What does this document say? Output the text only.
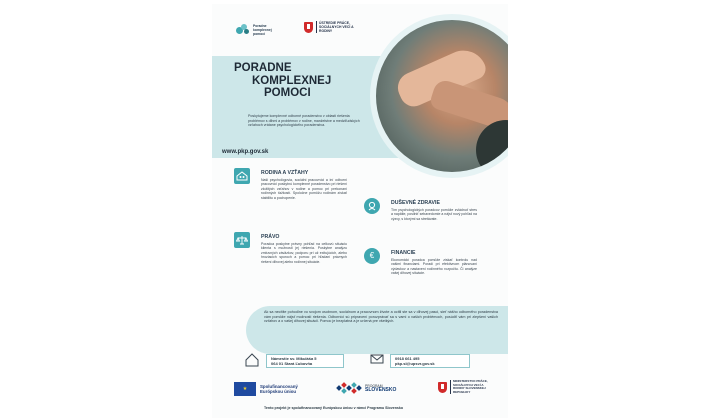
Poradne komplexnej pomoci
ÚSTREDIE PRÁCE, SOCIÁLNYCH VECÍ A RODINY
PORADNE
KOMPLEXNEJ
POMOCI

Poskytujeme komplexné odborné poradenstvo v oblasti riešenia problémov s dlhmi a problémov v rodine, manželstve a medziľudských vzťahoch vrátane psychologického poradenstva.

www.pkp.gov.sk
RODINA A VZŤAHY

Naši psychológovia, sociálni pracovníci a iní odborní pracovníci poskytnú komplexné poradenstvo pri riešení zložitých vzťahov v rodine a pomoc pri prekonaní rodinných ťažkostí. Spoločne pomôžu rodinám získať stabilitu a pochopenie.

DUŠEVNÉ ZDRAVIE

Tím psychologických poradcov pomôže zvládnuť stres a napätie, posilniť sebavedomie a nájsť nový pohľad na výzvy, s ktorými sa stretávate.

PRÁVO

Poradca poskytne právny pohľad na celkovú situáciu klienta s možnosti jej riešenia. Poskytne analýzu zmluvných záväzkov, podporu pri už exitujúcich, alebo hroziacich sporoch a pomoc pri hľadaní právnych riešení dlhovej alebo rodinnej situácie.

€	FINANCIE

Ekonomickí poradca pomôže získať kontrolu nad vašimi financiami. Poradí pri efektívnom plánovaní výdavkov a nastavení rodinného rozpočtu. Či analýze vašej dlhovej situácie.

Ak sa necítite pohodlne vo svojom osobnom, sociálnom a pracovnom živote a ocitli ste sa v dlhovej pasci, sieť nášho odborného poradenstva vám pomôže nájsť možnosti riešenia. Odborníci sú pripravení porozprávať sa s vami o vašich problémoch, posúdiť vám pri zlepšení vašich vzťahov a o vašej dlhovej situácii. Pomoc je bezplatná a je určená pre všetkých.

Námestie sv. Mikuláša 5
064 01 Stará Ľubovňa
0918 661 495
pkp.sl@upsvr.gov.sk
★	Spolufinancovaný
Európskou úniou
PROGRAM
SLOVENSKO
MINISTERSTVO PRÁCE, SOCIÁLNYCH VECÍ A RODINY SLOVENSKEJ REPUBLIKY
Tento projekt je spolufinancovaný Európskou úniou v rámci Programu Slovensko
